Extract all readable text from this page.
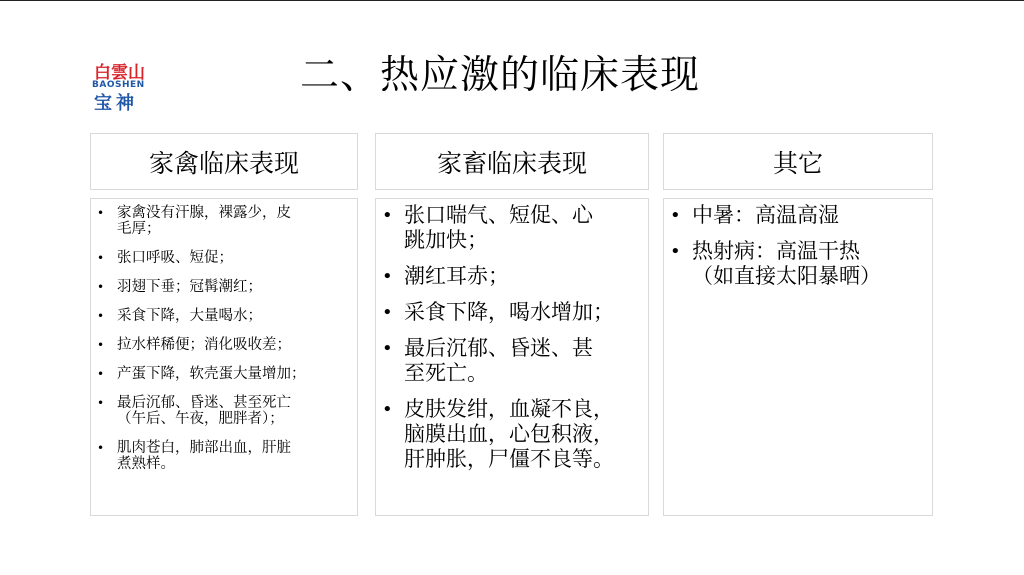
白雲山
BAOSHEN
宝神
二、热应激的临床表现
家禽临床表现	家畜临床表现	其它
• 家禽没有汗腺，裸露少，皮
毛厚；
• 张口呼吸、短促；
• 羽翅下垂；冠髯潮红；
• 采食下降，大量喝水；
• 拉水样稀便；消化吸收差；
• 产蛋下降，软壳蛋大量增加；
• 最后沉郁、昏迷、甚至死亡
（午后、午夜，肥胖者）；
• 肌肉苍白，肺部出血，肝脏
煮熟样。
• 张口喘气、短促、心
跳加快；
• 潮红耳赤；
• 采食下降，喝水增加；
• 最后沉郁、昏迷、甚
至死亡。
• 皮肤发绀，血凝不良，
脑膜出血，心包积液，
肝肿胀，尸僵不良等。
• 中暑：高温高湿
• 热射病：高温干热
（如直接太阳暴晒）
